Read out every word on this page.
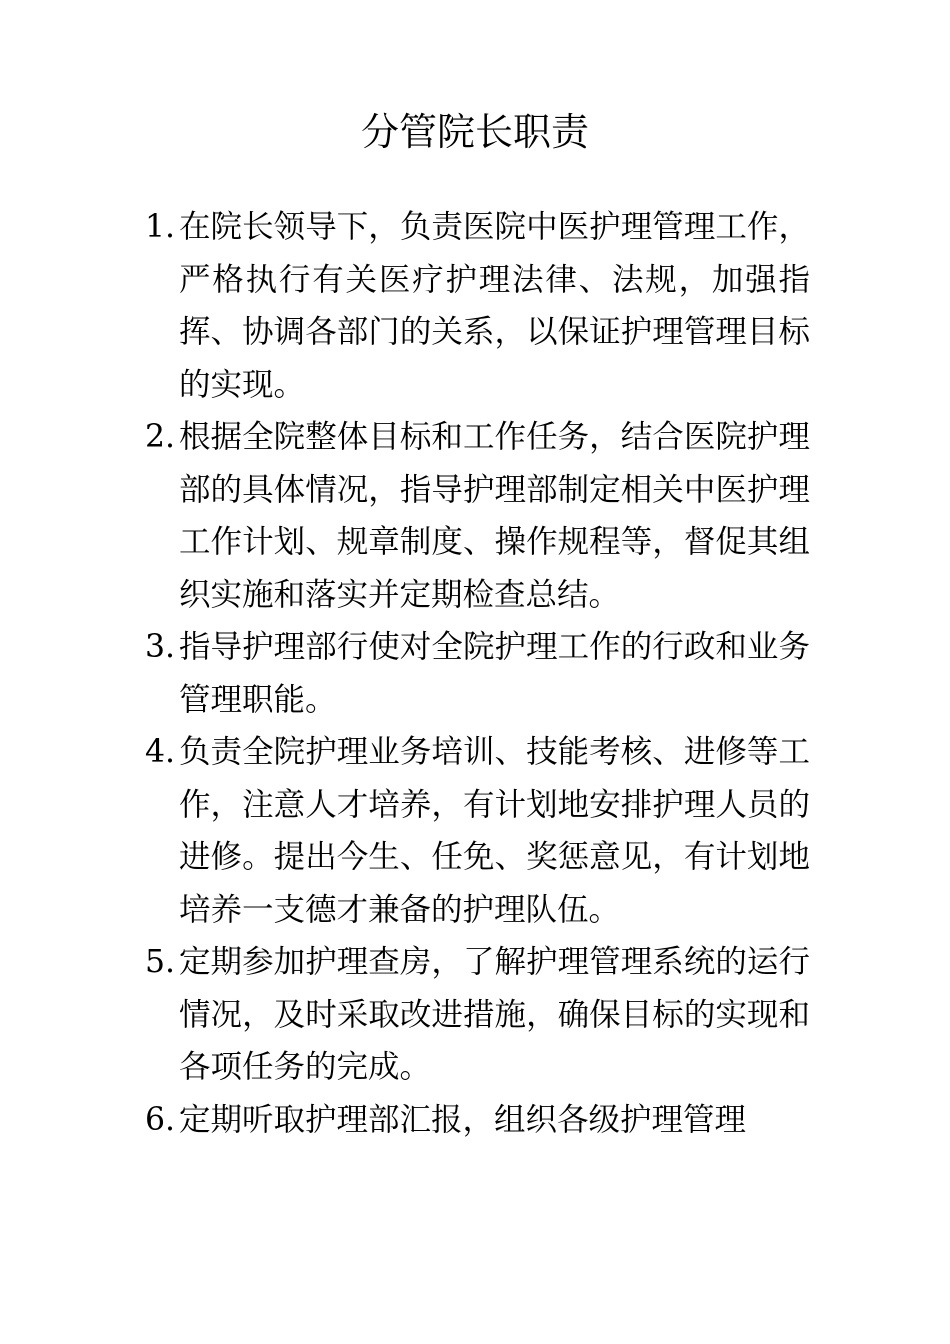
分管院长职责
1. 在院长领导下，负责医院中医护理管理工作，严格执行有关医疗护理法律、法规，加强指挥、协调各部门的关系，以保证护理管理目标的实现。
2. 根据全院整体目标和工作任务，结合医院护理部的具体情况，指导护理部制定相关中医护理工作计划、规章制度、操作规程等，督促其组织实施和落实并定期检查总结。
3. 指导护理部行使对全院护理工作的行政和业务管理职能。
4. 负责全院护理业务培训、技能考核、进修等工作，注意人才培养，有计划地安排护理人员的进修。提出今生、任免、奖惩意见，有计划地培养一支德才兼备的护理队伍。
5. 定期参加护理查房，了解护理管理系统的运行情况，及时采取改进措施，确保目标的实现和各项任务的完成。
6. 定期听取护理部汇报，组织各级护理管理
